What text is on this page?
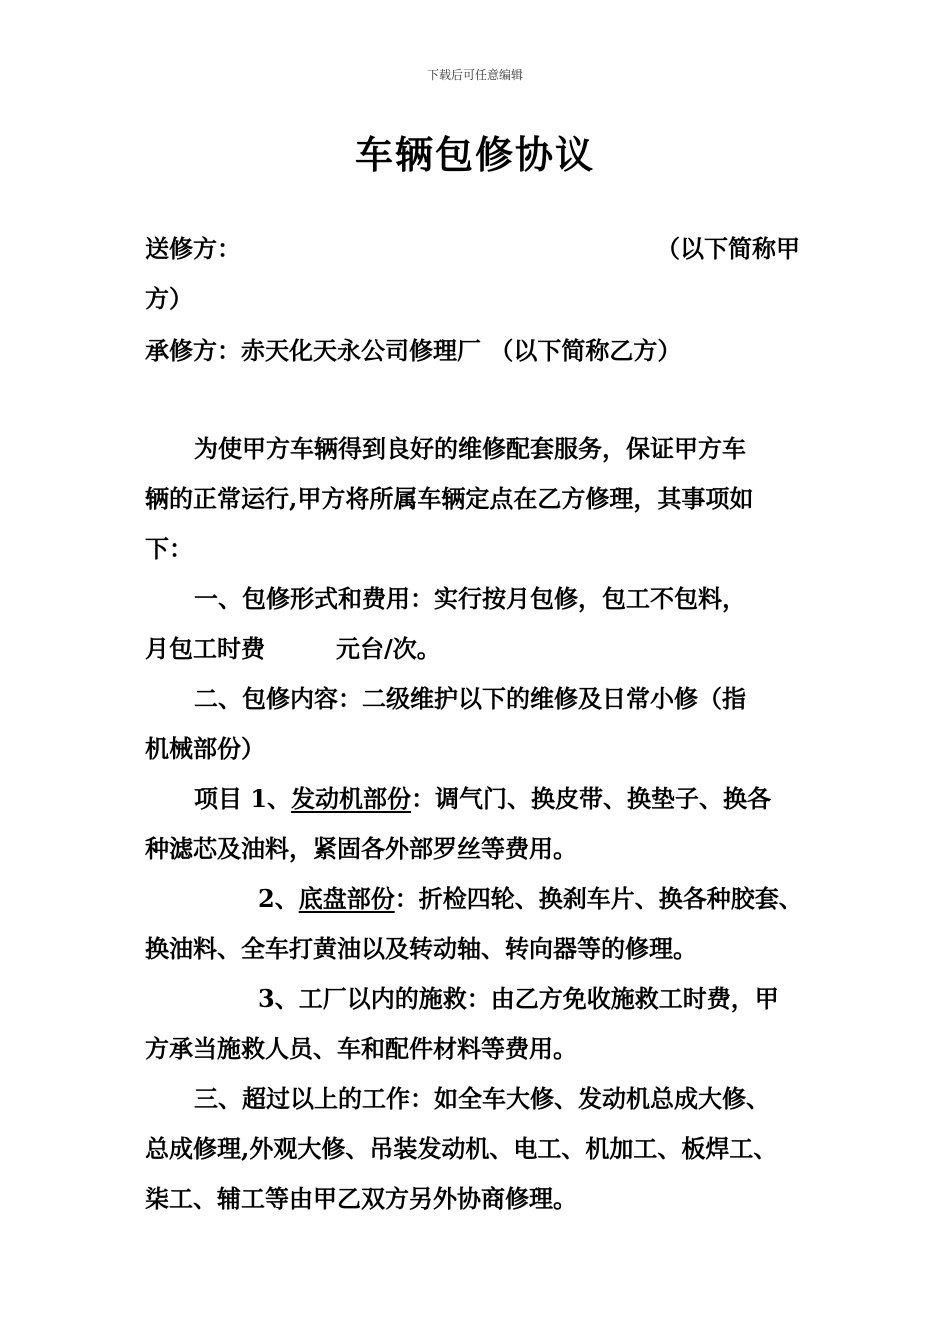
下载后可任意编辑
车辆包修协议
送修方：	（以下简称甲
方）
承修方：赤天化天永公司修理厂 （以下简称乙方）
为使甲方车辆得到良好的维修配套服务，保证甲方车
辆的正常运行,甲方将所属车辆定点在乙方修理，其事项如
下：
一、包修形式和费用：实行按月包修，包工不包料，
月包工时费	元台/次。
二、包修内容：二级维护以下的维修及日常小修（指
机械部份）
项目 1、发动机部份：调气门、换皮带、换垫子、换各
种滤芯及油料，紧固各外部罗丝等费用。
2、底盘部份：折检四轮、换刹车片、换各种胶套、
换油料、全车打黄油以及转动轴、转向器等的修理。
3、工厂以内的施救：由乙方免收施救工时费，甲
方承当施救人员、车和配件材料等费用。
三、超过以上的工作：如全车大修、发动机总成大修、
总成修理,外观大修、吊装发动机、电工、机加工、板焊工、
柒工、辅工等由甲乙双方另外协商修理。
